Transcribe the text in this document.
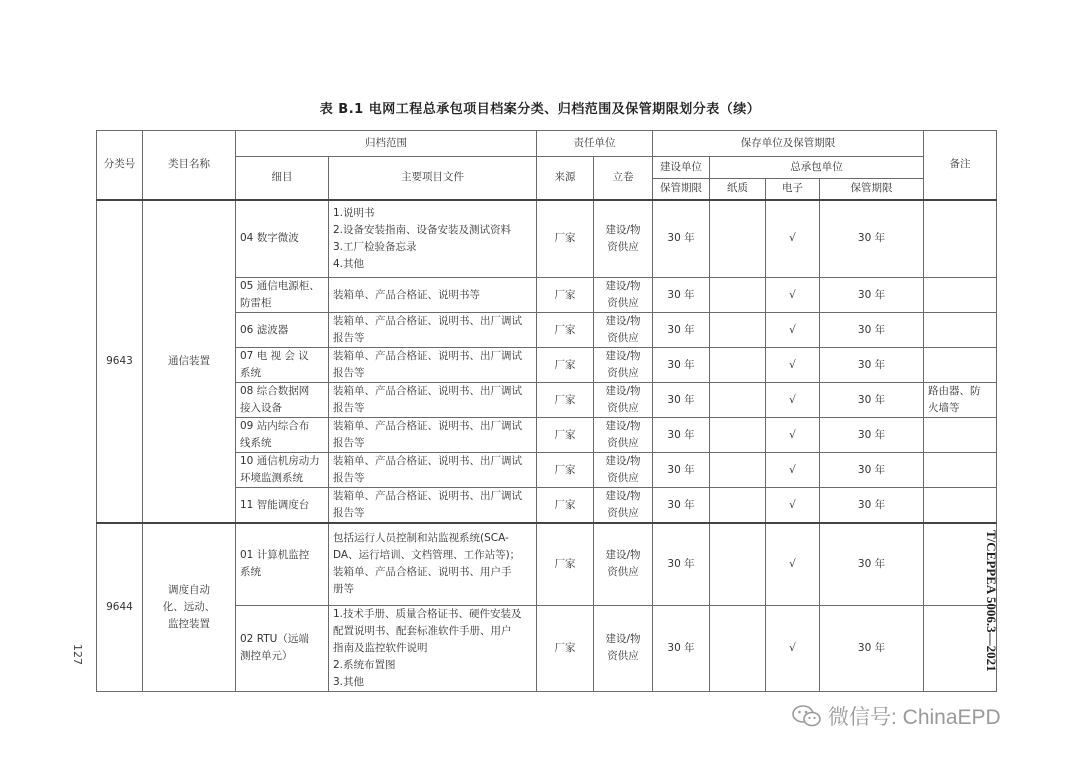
表 B.1 电网工程总承包项目档案分类、归档范围及保管期限划分表（续）
分类号	类目名称	归档范围		责任单位		保存单位及保管期限				备注
		细目	主要项目文件	来源	立卷	建设单位	总承包单位			
						保管期限	纸质	电子	保管期限	
9643	通信装置	04 数字微波	1.说明书
2.设备安装指南、设备安装及测试资料
3.工厂检验备忘录
4.其他	厂家	建设/物
资供应	30 年		√	30 年	

		05 通信电源柜、
防雷柜	装箱单、产品合格证、说明书等	厂家	建设/物
资供应	30 年		√	30 年	

		06 滤波器	装箱单、产品合格证、说明书、出厂调试
报告等	厂家	建设/物
资供应	30 年		√	30 年	

		07 电 视 会 议
系统	装箱单、产品合格证、说明书、出厂调试
报告等	厂家	建设/物
资供应	30 年		√	30 年	

		08 综合数据网
接入设备	装箱单、产品合格证、说明书、出厂调试
报告等	厂家	建设/物
资供应	30 年		√	30 年	路由器、防
火墙等

		09 站内综合布
线系统	装箱单、产品合格证、说明书、出厂调试
报告等	厂家	建设/物
资供应	30 年		√	30 年	

		10 通信机房动力
环境监测系统	装箱单、产品合格证、说明书、出厂调试
报告等	厂家	建设/物
资供应	30 年		√	30 年	

		11 智能调度台	装箱单、产品合格证、说明书、出厂调试
报告等	厂家	建设/物
资供应	30 年		√	30 年	
9644	调度自动
化、远动、
监控装置	01 计算机监控
系统	包括运行人员控制和站监视系统(SCA-
DA、运行培训、文档管理、工作站等)；
装箱单、产品合格证、说明书、用户手
册等	厂家	建设/物
资供应	30 年		√	30 年	

		02 RTU（远端
测控单元）	1.技术手册、质量合格证书、硬件安装及
配置说明书、配套标准软件手册、用户
指南及监控软件说明
2.系统布置图
3.其他	厂家	建设/物
资供应	30 年		√	30 年	
127	T/CEPPEA 5006.3—2021
微信号: ChinaEPD
